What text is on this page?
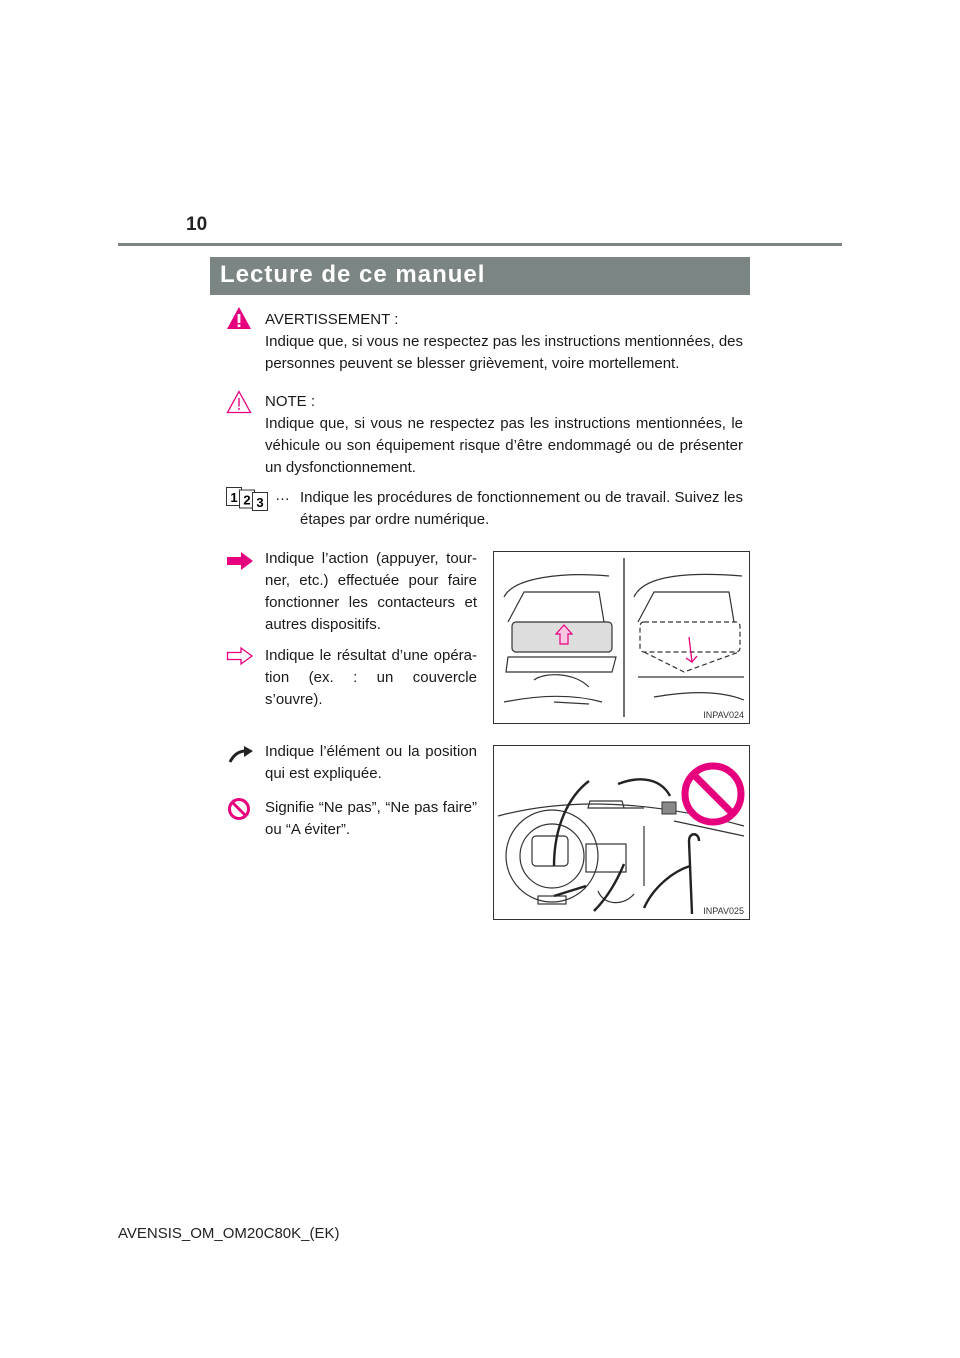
10
Lecture de ce manuel
AVERTISSEMENT :
Indique que, si vous ne respectez pas les instructions mentionnées, des personnes peuvent se blesser grièvement, voire mortellement.
NOTE :
Indique que, si vous ne respectez pas les instructions mentionnées, le véhicule ou son équipement risque d’être endommagé ou de présenter un dysfonctionnement.
1 2 3 … Indique les procédures de fonctionnement ou de travail. Suivez les étapes par ordre numérique.
Indique l’action (appuyer, tour-ner, etc.) effectuée pour faire fonctionner les contacteurs et autres dispositifs.
Indique le résultat d’une opéra-tion (ex. : un couvercle s’ouvre).
INPAV024
Indique l’élément ou la position qui est expliquée.
Signifie “Ne pas”, “Ne pas faire” ou “A éviter”.
INPAV025
AVENSIS_OM_OM20C80K_(EK)
